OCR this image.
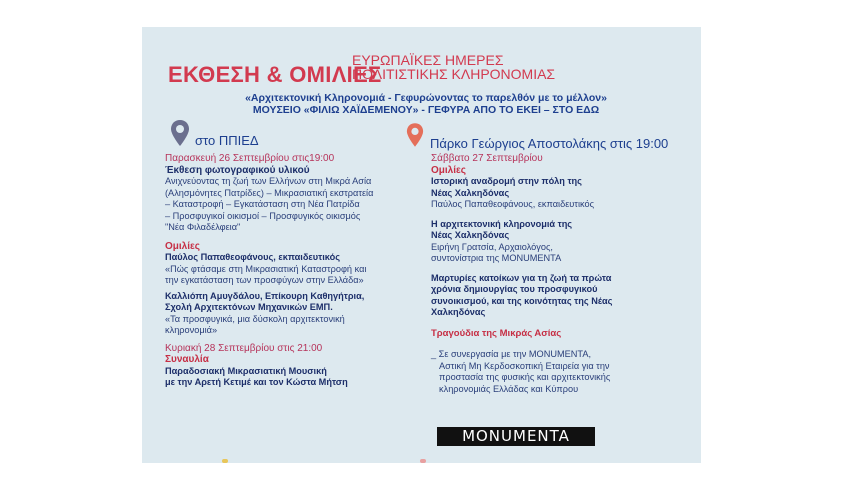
ΕΚΘΕΣΗ & ΟΜΙΛΙΕΣ
ΕΥΡΩΠΑΪΚΕΣ ΗΜΕΡΕΣ
ΠΟΛΙΤΙΣΤΙΚΗΣ ΚΛΗΡΟΝΟΜΙΑΣ
«Αρχιτεκτονική Κληρονομιά - Γεφυρώνοντας το παρελθόν με το μέλλον»
ΜΟΥΣΕΙΟ «ΦΙΛΙΩ ΧΑΪΔΕΜΕΝΟΥ» - ΓΕΦΥΡΑ ΑΠΟ ΤΟ ΕΚΕΙ – ΣΤΟ ΕΔΩ
στο ΠΠΙΕΔ
Παρασκευή 26 Σεπτεμβρίου στις19:00
Έκθεση φωτογραφικού υλικού
Ανιχνεύοντας τη ζωή των Ελλήνων στη Μικρά Ασία
(Αλησμόνητες Πατρίδες) – Μικρασιατική εκστρατεία
– Καταστροφή – Εγκατάσταση στη Νέα Πατρίδα
– Προσφυγικοί οικισμοί – Προσφυγικός οικισμός
"Νέα Φιλαδέλφεια"
Ομιλίες
Παύλος Παπαθεοφάνους, εκπαιδευτικός
«Πώς φτάσαμε στη Μικρασιατική Καταστροφή και
την εγκατάσταση των προσφύγων στην Ελλάδα»
Καλλιόπη Αμυγδάλου, Επίκουρη Καθηγήτρια,
Σχολή Αρχιτεκτόνων Μηχανικών ΕΜΠ.
«Τα προσφυγικά, μια δύσκολη αρχιτεκτονική
κληρονομιά»
Κυριακή 28 Σεπτεμβρίου στις 21:00
Συναυλία
Παραδοσιακή Μικρασιατική Μουσική
με την Αρετή Κετιμέ και τον Κώστα Μήτση
Πάρκο Γεώργιος Αποστολάκης στις 19:00
Σάββατο 27 Σεπτεμβρίου
Ομιλίες
Ιστορική αναδρομή στην πόλη της
Νέας Χαλκηδόνας
Παύλος Παπαθεοφάνους, εκπαιδευτικός
Η αρχιτεκτονική κληρονομιά της
Νέας Χαλκηδόνας
Ειρήνη Γρατσία, Αρχαιολόγος,
συντονίστρια της MONUMENTA
Μαρτυρίες κατοίκων για τη ζωή τα πρώτα
χρόνια δημιουργίας του προσφυγικού
συνοικισμού, και της κοινότητας της Νέας
Χαλκηδόνας
Τραγούδια της Μικράς Ασίας
_ Σε συνεργασία με την MONUMENTA,
Αστική Μη Κερδοσκοπική Εταιρεία για την
προστασία της φυσικής και αρχιτεκτονικής
κληρονομιάς Ελλάδας και Κύπρου
MONUMENTA
